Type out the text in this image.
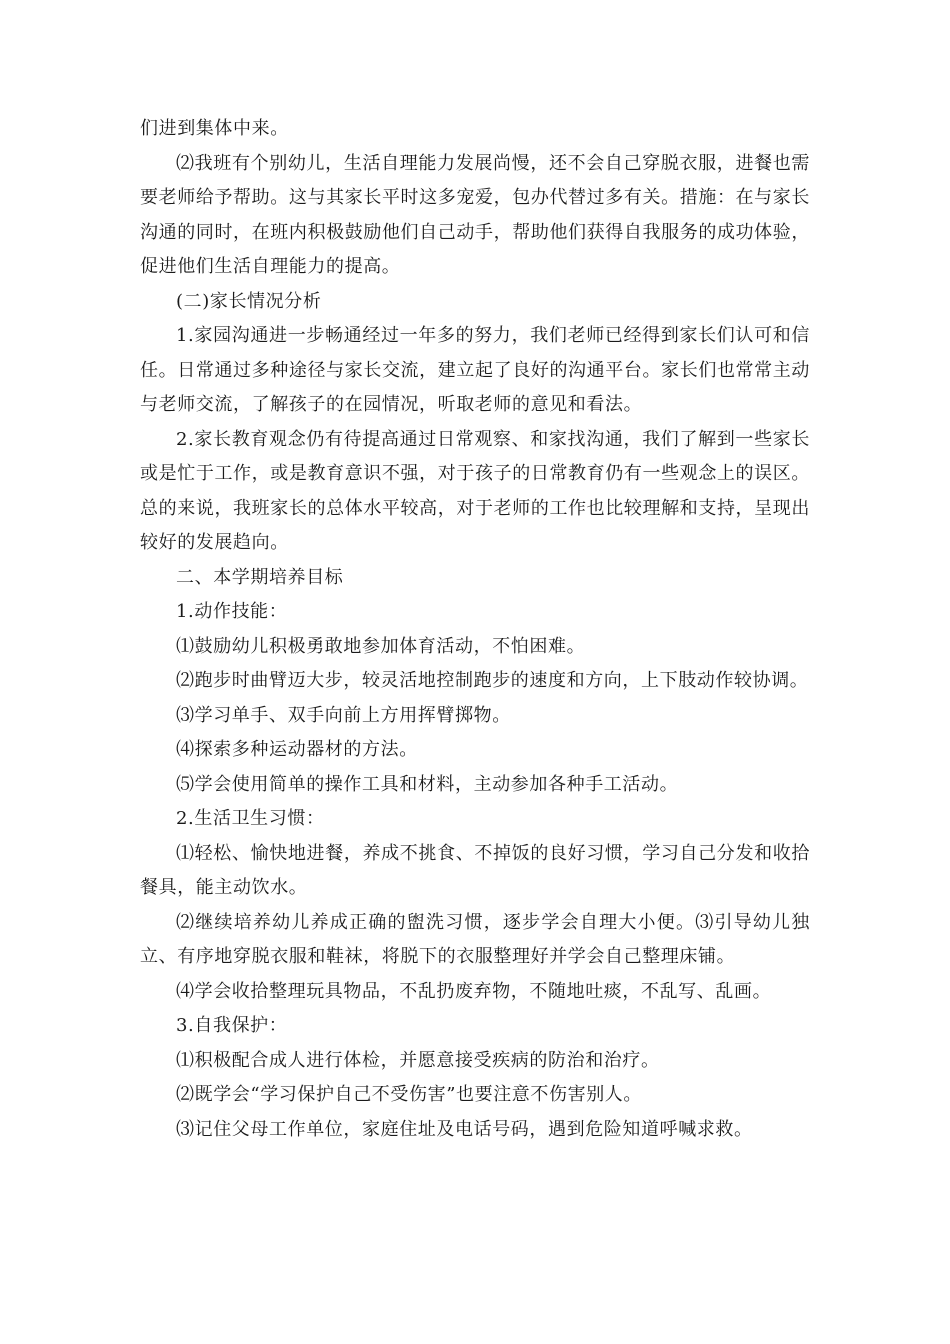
们进到集体中来。

⑵我班有个别幼儿，生活自理能力发展尚慢，还不会自己穿脱衣服，进餐也需要老师给予帮助。这与其家长平时这多宠爱，包办代替过多有关。措施：在与家长沟通的同时，在班内积极鼓励他们自己动手，帮助他们获得自我服务的成功体验，促进他们生活自理能力的提高。

(二)家长情况分析

1.家园沟通进一步畅通经过一年多的努力，我们老师已经得到家长们认可和信任。日常通过多种途径与家长交流，建立起了良好的沟通平台。家长们也常常主动与老师交流，了解孩子的在园情况，听取老师的意见和看法。

2.家长教育观念仍有待提高通过日常观察、和家找沟通，我们了解到一些家长或是忙于工作，或是教育意识不强，对于孩子的日常教育仍有一些观念上的误区。总的来说，我班家长的总体水平较高，对于老师的工作也比较理解和支持，呈现出较好的发展趋向。

二、本学期培养目标

1.动作技能：

⑴鼓励幼儿积极勇敢地参加体育活动，不怕困难。

⑵跑步时曲臂迈大步，较灵活地控制跑步的速度和方向，上下肢动作较协调。

⑶学习单手、双手向前上方用挥臂掷物。

⑷探索多种运动器材的方法。

⑸学会使用简单的操作工具和材料，主动参加各种手工活动。

2.生活卫生习惯：

⑴轻松、愉快地进餐，养成不挑食、不掉饭的良好习惯，学习自己分发和收拾餐具，能主动饮水。

⑵继续培养幼儿养成正确的盥洗习惯，逐步学会自理大小便。⑶引导幼儿独立、有序地穿脱衣服和鞋袜，将脱下的衣服整理好并学会自己整理床铺。

⑷学会收拾整理玩具物品，不乱扔废弃物，不随地吐痰，不乱写、乱画。

3.自我保护：

⑴积极配合成人进行体检，并愿意接受疾病的防治和治疗。

⑵既学会“学习保护自己不受伤害”也要注意不伤害别人。

⑶记住父母工作单位，家庭住址及电话号码，遇到危险知道呼喊求救。
